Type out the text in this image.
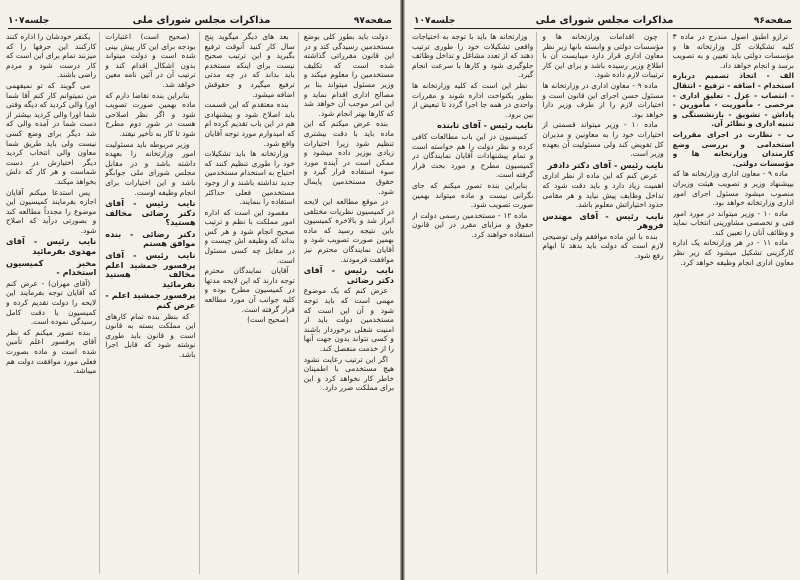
صفحه۹۷
مذاکرات مجلس شورای ملی
جلسه۱۰۷

دولت باید بطور کلی بوضع مستخدمین رسیدگی کند و در این قانون مقرراتی گذاشته شده است که تکلیف مستخدمین را معلوم میکند و وزیر مسئول میتواند بنا بر مصالح اداری اقدام نماید و این امر موجب آن خواهد شد که کارها بهتر انجام شود.

بنده عرض میکنم که این ماده باید با دقت بیشتری تنظیم شود زیرا اختیارات زیادی بوزیر داده میشود و ممکن است در آینده مورد سوء استفاده قرار گیرد و حقوق مستخدمین پایمال شود.

در موقع مطالعه این لایحه در کمیسیون نظریات مختلفی ابراز شد و بالاخره کمیسیون باین نتیجه رسید که ماده بهمین صورت تصویب شود و آقایان نمایندگان محترم نیز موافقت فرمودند.

نایب رئیس - آقای دکتر رضائی

عرض کنم که یک موضوع مهمی است که باید توجه شود و آن این است که مستخدمین دولت باید از امنیت شغلی برخوردار باشند و کسی نتواند بدون جهت آنها را از خدمت منفصل کند.

اگر این ترتیب رعایت نشود هیچ مستخدمی با اطمینان خاطر کار نخواهد کرد و این برای مملکت ضرر دارد.

بعد های دیگر میگوید پنج سال کار کنید آنوقت ترفیع بگیرید و این ترتیب صحیح نیست برای اینکه مستخدم باید بداند که در چه مدتی ترفیع میگیرد و حقوقش اضافه میشود.

بنده معتقدم که این قسمت باید اصلاح شود و پیشنهادی هم در این باب تقدیم کرده ام که امیدوارم مورد توجه آقایان واقع شود.

وزارتخانه ها باید تشکیلات خود را طوری تنظیم کنند که احتیاج به استخدام مستخدمین جدید نداشته باشند و از وجود مستخدمین فعلی حداکثر استفاده را بنمایند.

مقصود این است که اداره امور مملکت با نظم و ترتیب صحیح انجام شود و هر کس بداند که وظیفه اش چیست و در مقابل چه کسی مسئول است.

آقایان نمایندگان محترم توجه دارند که این لایحه مدتها در کمیسیون مطرح بوده و کلیه جوانب آن مورد مطالعه قرار گرفته است.

(صحیح است)

(صحیح است) اعتبارات بودجه برای این کار پیش بینی شده است و دولت میتواند بدون اشکال اقدام کند و ترتیب آن در آئین نامه معین خواهد شد.

بنابراین بنده تقاضا دارم که ماده بهمین صورت تصویب شود و اگر نظر اصلاحی هست در شور دوم مطرح شود تا کار به تأخیر نیفتد.

وزیر مربوطه باید مسئولیت امور وزارتخانه را بعهده داشته باشد و در مقابل مجلس شورای ملی جوابگو باشد و این اختیارات برای انجام وظیفه اوست.

نایب رئیس - آقای دکتر رضائی مخالف هستید؟

دکتر رضائی - بنده موافق هستم

نایب رئیس - آقای پرفسور جمشید اعلم مخالف هستید بفرمائید

پرفسور جمشید اعلم - عرض کنم

که بنظر بنده تمام کارهای این مملکت بسته به قانون است و قانون باید طوری نوشته شود که قابل اجرا باشد.

یکنفر خودشان را اداره کنند کارکنند این حرفها را که میزنند تمام برای این است که کار درست شود و مردم راضی باشند.

می گویند که تو نمیفهمی من نمیتوانم کار کنم آقا شما اورا والی کردید که دیگه وقتی شما اورا والی کردید بیشتر از دست شما در آمده والی که شد دیگر برای وضع کسی نیست ولی باید طریق شما معاون والی انتخاب کردید دیگر اختیارش در دست شماست و هر کار که دلش بخواهد میکند.

پس استدعا میکنم آقایان اجازه بفرمایند کمیسیون این موضوع را مجدداً مطالعه کند و بصورتی درآید که اصلاح شود.

نایب رئیس - آقای مهدوی بفرمائید

مخبر کمیسیون استخدام -

(آقای مهران) - عرض کنم که آقایان توجه بفرمایند این لایحه را دولت تقدیم کرده و کمیسیون با دقت کامل رسیدگی نموده است.

بنده تصور میکنم که نظر آقای پرفسور اعلم تأمین شده است و ماده بصورت فعلی مورد موافقت دولت هم میباشد.

صفحه۹۶
مذاکرات مجلس شورای ملی
جلسه۱۰۷

ترازو اطبق اصول مندرج در ماده ۳ کلیه تشکیلات کل وزارتخانه ها و مؤسسات دولتی باید تعیین و به تصویب برسد و انجام خواهد داد.

الف - اتخاذ تصمیم درباره استخدام - اضافه - ترفیع - انتقال - انتصاب - عزل - تعلیق اداری - مرخصی - مأموریت - مأمورین - پاداش - تشویق - بازنشستگی و تنبیه اداری و نظائر آن.

ب - نظارت در اجرای مقررات استخدامی و بررسی وضع کارمندان وزارتخانه ها و مؤسسات دولتی.

ماده ۹ - معاون اداری وزارتخانه ها که بپیشنهاد وزیر و تصویب هیئت وزیران منصوب میشود مسئول اجرای امور اداری وزارتخانه خواهد بود.

ماده ۱۰ - وزیر میتواند در مورد امور فنی و تخصصی مشاورینی انتخاب نماید و وظائف آنان را تعیین کند.

ماده ۱۱ - در هر وزارتخانه یک اداره کارگزینی تشکیل میشود که زیر نظر معاون اداری انجام وظیفه خواهد کرد.

چون اقدامات وزارتخانه ها و مؤسسات دولتی و وابسته بانها زیر نظر معاون اداری قرار دارد میبایست آن با اطلاع وزیر رسیده باشد و برای این کار ترتیبات لازم داده شود.

ماده ۹ - معاون اداری در وزارتخانه ها مسئول حسن اجرای این قانون است و اختیارات لازم را از طرف وزیر دارا خواهد بود.

ماده ۱۰ - وزیر میتواند قسمتی از اختیارات خود را به معاونین و مدیران کل تفویض کند ولی مسئولیت آن بعهده وزیر است.

نایب رئیس - آقای دکتر دادفر

عرض کنم که این ماده از نظر اداری اهمیت زیاد دارد و باید دقت شود که تداخل وظایف پیش نیاید و هر مقامی حدود اختیاراتش معلوم باشد.

نایب رئیس - آقای مهندس فروهر

بنده با این ماده موافقم ولی توضیحی لازم است که دولت باید بدهد تا ابهام رفع شود.

وزارتخانه ها باید با توجه به احتیاجات واقعی تشکیلات خود را طوری ترتیب دهند که از تعدد مشاغل و تداخل وظائف جلوگیری شود و کارها با سرعت انجام گیرد.

نظر این است که کلیه وزارتخانه ها بطور یکنواخت اداره شوند و مقررات واحدی در همه جا اجرا گردد تا تبعیض از بین برود.

نایب رئیس - آقای تابنده

کمیسیون در این باب مطالعات کافی کرده و نظر دولت را هم خواسته است و تمام پیشنهادات آقایان نمایندگان در کمیسیون مطرح و مورد بحث قرار گرفته است.

بنابراین بنده تصور میکنم که جای نگرانی نیست و ماده میتواند بهمین صورت تصویب شود.

ماده ۱۲ - مستخدمین رسمی دولت از حقوق و مزایای مقرر در این قانون استفاده خواهند کرد.
